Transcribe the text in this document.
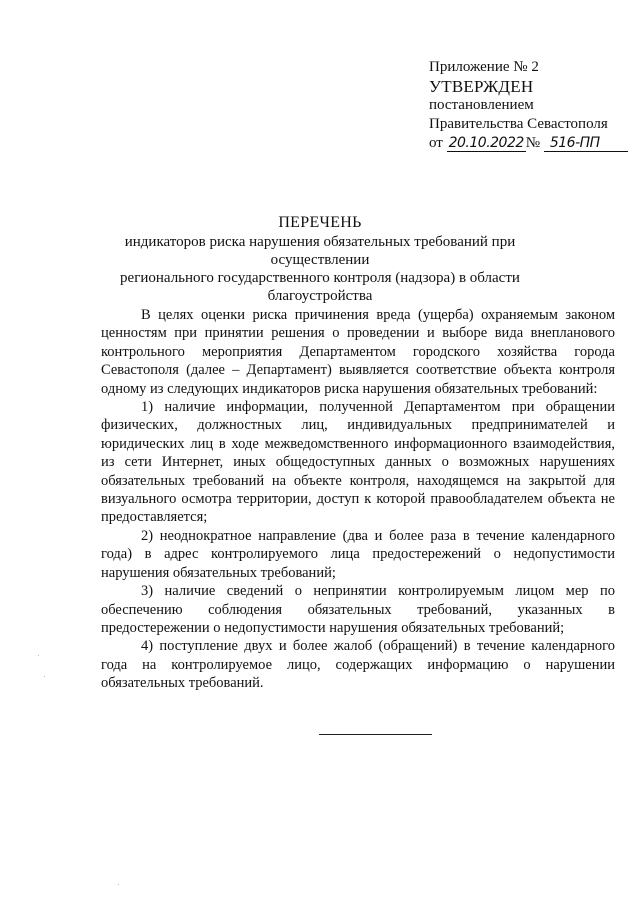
Приложение № 2
УТВЕРЖДЕН
постановлением
Правительства Севастополя
от 20.10.2022 № 516-ПП
ПЕРЕЧЕНЬ
индикаторов риска нарушения обязательных требований при осуществлении
регионального государственного контроля (надзора) в области
благоустройства

В целях оценки риска причинения вреда (ущерба) охраняемым законом ценностям при принятии решения о проведении и выборе вида внепланового контрольного мероприятия Департаментом городского хозяйства города Севастополя (далее – Департамент) выявляется соответствие объекта контроля одному из следующих индикаторов риска нарушения обязательных требований:

1) наличие информации, полученной Департаментом при обращении физических, должностных лиц, индивидуальных предпринимателей и юридических лиц в ходе межведомственного информационного взаимодействия, из сети Интернет, иных общедоступных данных о возможных нарушениях обязательных требований на объекте контроля, находящемся на закрытой для визуального осмотра территории, доступ к которой правообладателем объекта не предоставляется;

2) неоднократное направление (два и более раза в течение календарного года) в адрес контролируемого лица предостережений о недопустимости нарушения обязательных требований;

3) наличие сведений о непринятии контролируемым лицом мер по обеспечению соблюдения обязательных требований, указанных в предостережении о недопустимости нарушения обязательных требований;

4) поступление двух и более жалоб (обращений) в течение календарного года на контролируемое лицо, содержащих информацию о нарушении обязательных требований.
